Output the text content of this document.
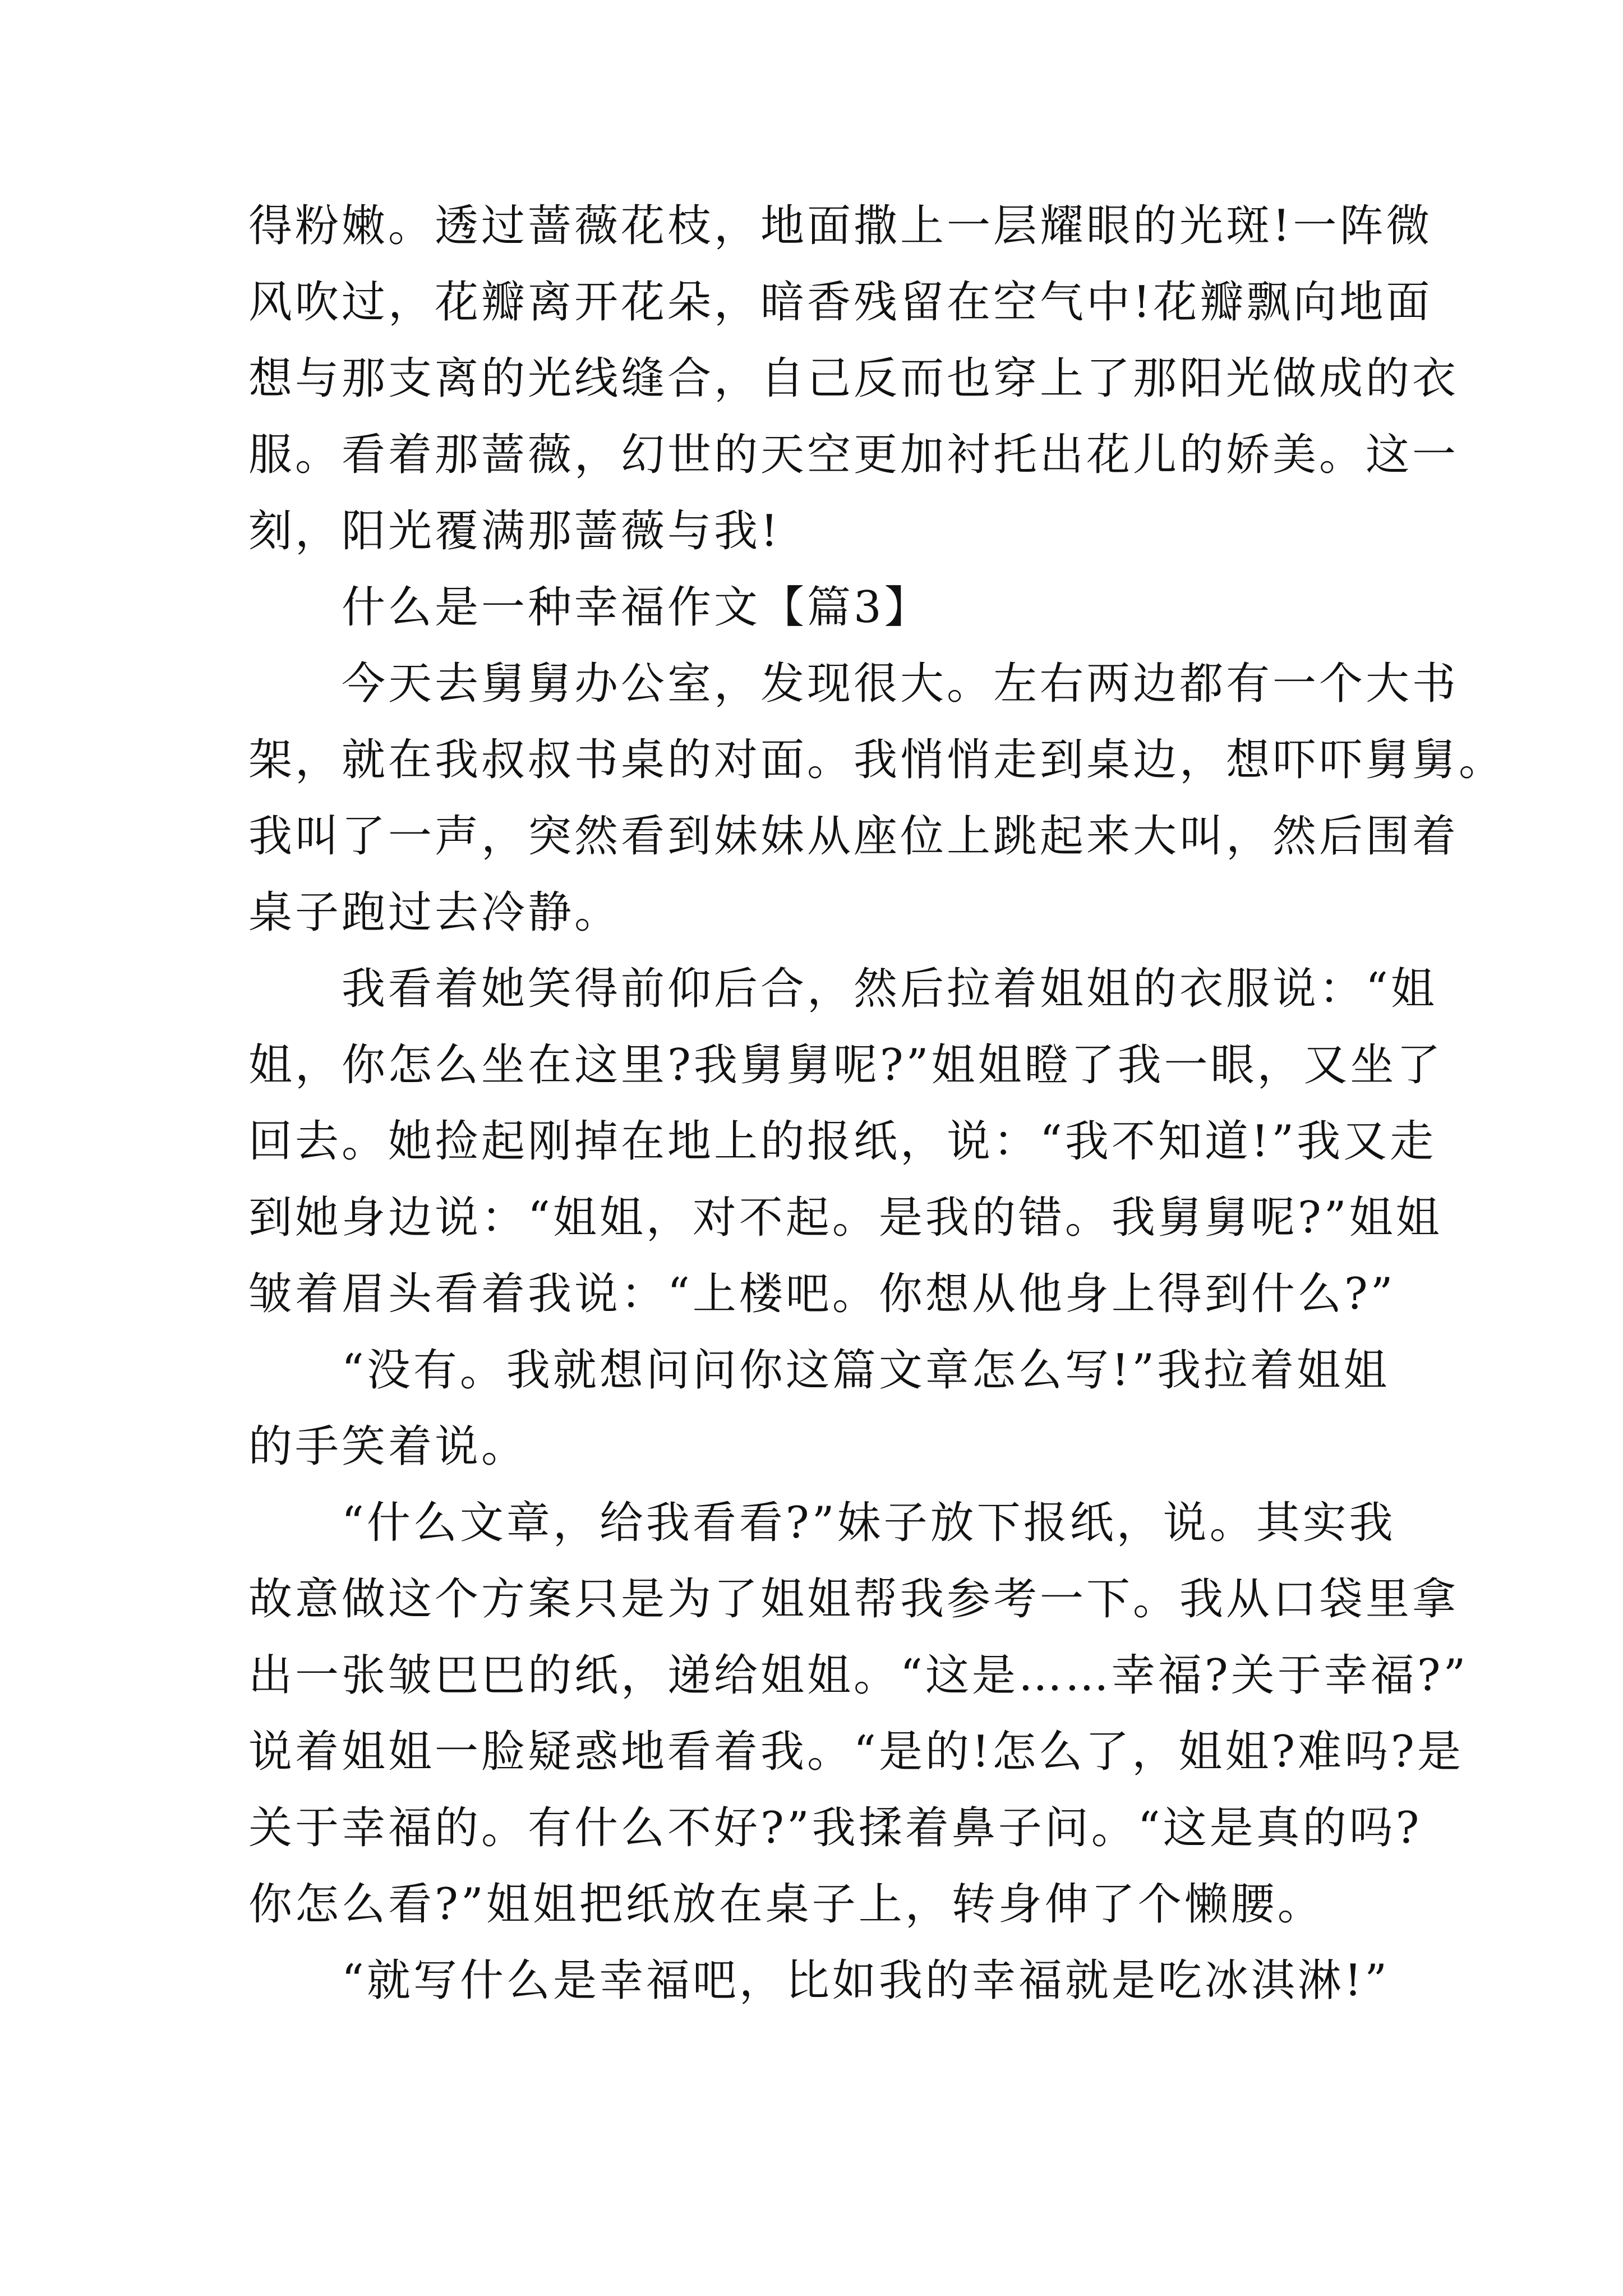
得粉嫩。透过蔷薇花枝，地面撒上一层耀眼的光斑!一阵微
风吹过，花瓣离开花朵，暗香残留在空气中!花瓣飘向地面
想与那支离的光线缝合，自己反而也穿上了那阳光做成的衣
服。看着那蔷薇，幻世的天空更加衬托出花儿的娇美。这一
刻，阳光覆满那蔷薇与我!
什么是一种幸福作文【篇3】
今天去舅舅办公室，发现很大。左右两边都有一个大书
架，就在我叔叔书桌的对面。我悄悄走到桌边，想吓吓舅舅。
我叫了一声，突然看到妹妹从座位上跳起来大叫，然后围着
桌子跑过去冷静。
我看着她笑得前仰后合，然后拉着姐姐的衣服说：“姐
姐，你怎么坐在这里?我舅舅呢?”姐姐瞪了我一眼，又坐了
回去。她捡起刚掉在地上的报纸，说：“我不知道!”我又走
到她身边说：“姐姐，对不起。是我的错。我舅舅呢?”姐姐
皱着眉头看着我说：“上楼吧。你想从他身上得到什么?”
“没有。我就想问问你这篇文章怎么写!”我拉着姐姐
的手笑着说。
“什么文章，给我看看?”妹子放下报纸，说。其实我
故意做这个方案只是为了姐姐帮我参考一下。我从口袋里拿
出一张皱巴巴的纸，递给姐姐。“这是……幸福?关于幸福?”
说着姐姐一脸疑惑地看着我。“是的!怎么了，姐姐?难吗?是
关于幸福的。有什么不好?”我揉着鼻子问。“这是真的吗?
你怎么看?”姐姐把纸放在桌子上，转身伸了个懒腰。
“就写什么是幸福吧，比如我的幸福就是吃冰淇淋!”
